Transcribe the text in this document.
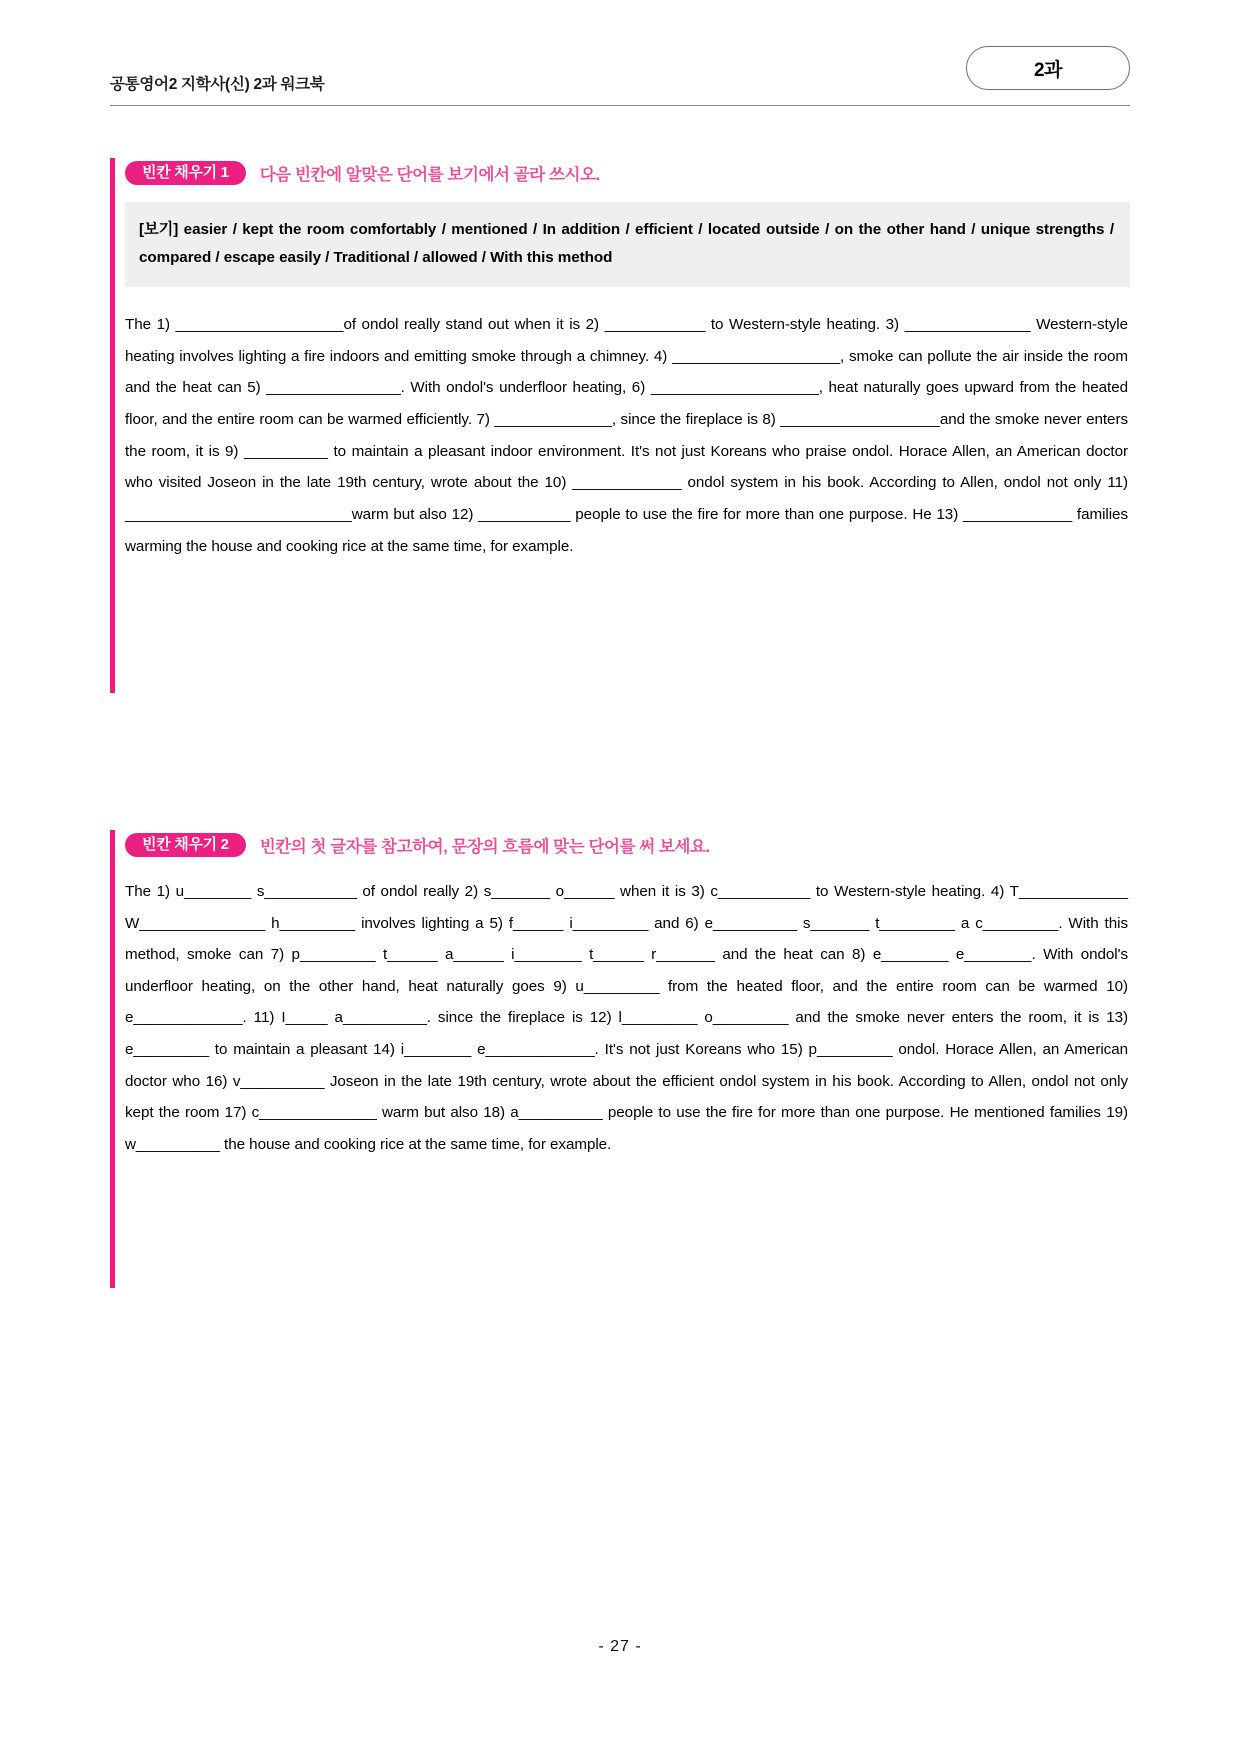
공통영어2 지학사(신) 2과 워크북
2과
빈칸 채우기 1	다음 빈칸에 알맞은 단어를 보기에서 골라 쓰시오.
[보기] easier / kept the room comfortably / mentioned / In addition / efficient / located outside / on the other hand / unique strengths / compared / escape easily / Traditional / allowed / With this method
The 1) ____________________of ondol really stand out when it is 2) ____________ to Western-style heating. 3) _______________ Western-style heating involves lighting a fire indoors and emitting smoke through a chimney. 4) ____________________, smoke can pollute the air inside the room and the heat can 5) ________________. With ondol's underfloor heating, 6) ____________________, heat naturally goes upward from the heated floor, and the entire room can be warmed efficiently. 7) ______________, since the fireplace is 8) ___________________and the smoke never enters the room, it is 9) __________ to maintain a pleasant indoor environment. It's not just Koreans who praise ondol. Horace Allen, an American doctor who visited Joseon in the late 19th century, wrote about the 10) _____________ ondol system in his book. According to Allen, ondol not only 11) ___________________________warm but also 12) ___________ people to use the fire for more than one purpose. He 13) _____________ families warming the house and cooking rice at the same time, for example.
빈칸 채우기 2	빈칸의 첫 글자를 참고하여, 문장의 흐름에 맞는 단어를 써 보세요.
The 1) u________ s___________ of ondol really 2) s_______ o______ when it is 3) c___________ to Western-style heating. 4) T_____________ W_______________ h_________ involves lighting a 5) f______ i_________ and 6) e__________ s_______ t_________ a c_________. With this method, smoke can 7) p_________ t______ a______ i________ t______ r_______ and the heat can 8) e________ e________. With ondol's underfloor heating, on the other hand, heat naturally goes 9) u_________ from the heated floor, and the entire room can be warmed 10) e_____________. 11) I_____ a__________. since the fireplace is 12) l_________ o_________ and the smoke never enters the room, it is 13) e_________ to maintain a pleasant 14) i________ e_____________. It's not just Koreans who 15) p_________ ondol. Horace Allen, an American doctor who 16) v__________ Joseon in the late 19th century, wrote about the efficient ondol system in his book. According to Allen, ondol not only kept the room 17) c______________ warm but also 18) a__________ people to use the fire for more than one purpose. He mentioned families 19) w__________ the house and cooking rice at the same time, for example.
- 27 -
